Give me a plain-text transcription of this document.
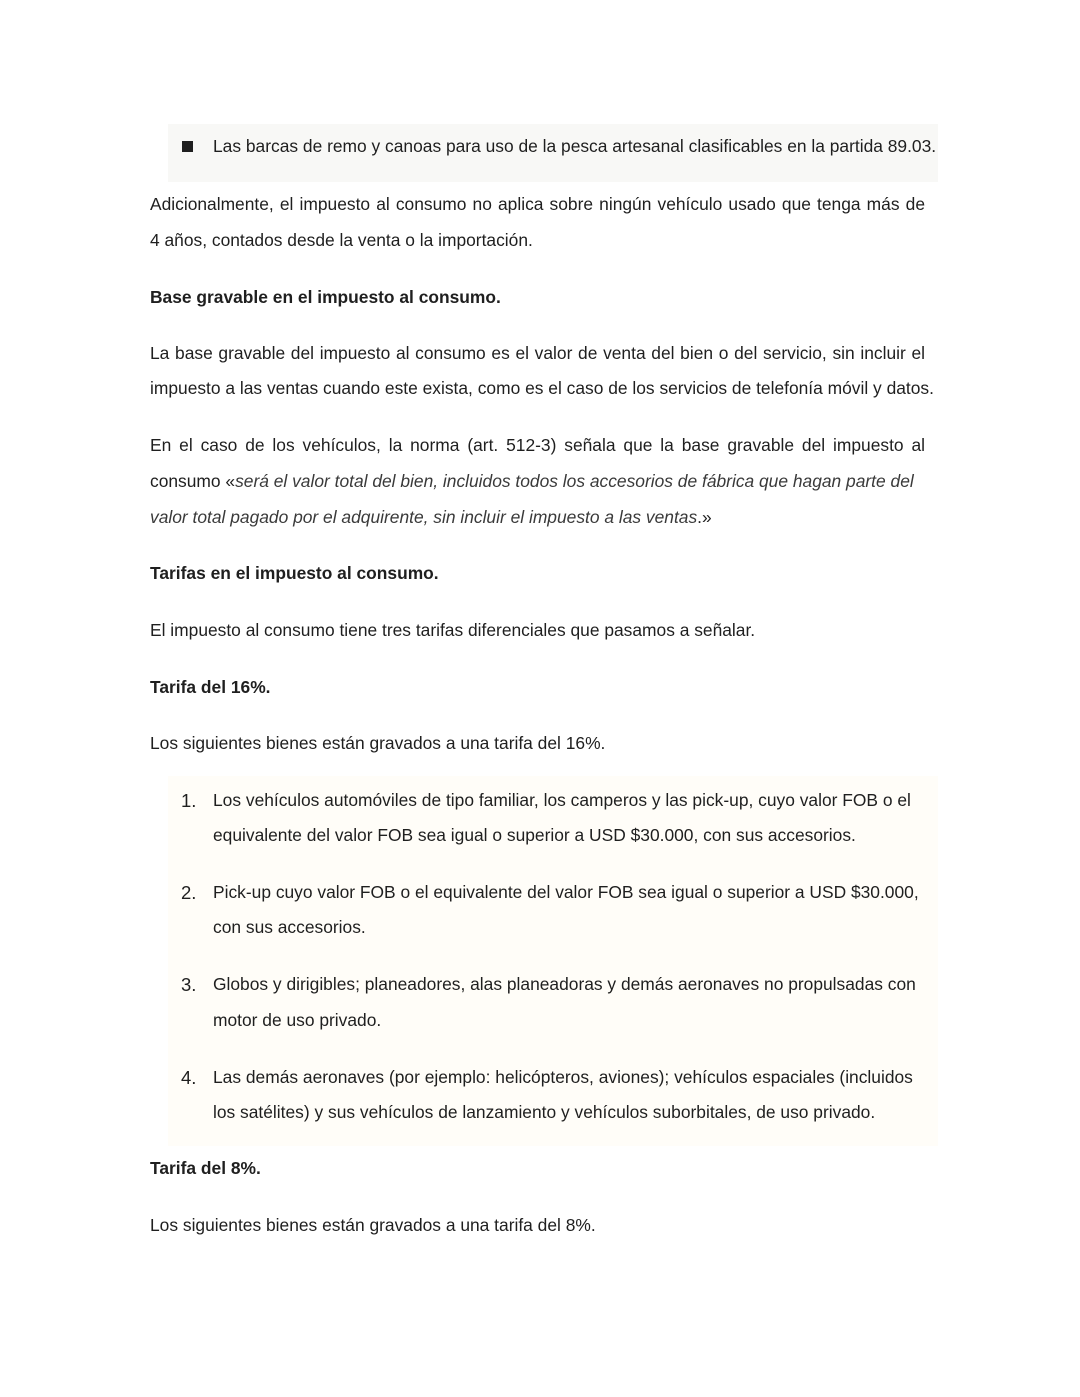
Las barcas de remo y canoas para uso de la pesca artesanal clasificables en la partida 89.03.
Adicionalmente, el impuesto al consumo no aplica sobre ningún vehículo usado que tenga más de
4 años, contados desde la venta o la importación.
Base gravable en el impuesto al consumo.
La base gravable del impuesto al consumo es el valor de venta del bien o del servicio, sin incluir el
impuesto a las ventas cuando este exista, como es el caso de los servicios de telefonía móvil y datos.
En el caso de los vehículos, la norma (art. 512-3) señala que la base gravable del impuesto al
consumo «será el valor total del bien, incluidos todos los accesorios de fábrica que hagan parte del
valor total pagado por el adquirente, sin incluir el impuesto a las ventas.»
Tarifas en el impuesto al consumo.
El impuesto al consumo tiene tres tarifas diferenciales que pasamos a señalar.
Tarifa del 16%.
Los siguientes bienes están gravados a una tarifa del 16%.
1. Los vehículos automóviles de tipo familiar, los camperos y las pick-up, cuyo valor FOB o el
equivalente del valor FOB sea igual o superior a USD $30.000, con sus accesorios.
2. Pick-up cuyo valor FOB o el equivalente del valor FOB sea igual o superior a USD $30.000,
con sus accesorios.
3. Globos y dirigibles; planeadores, alas planeadoras y demás aeronaves no propulsadas con
motor de uso privado.
4. Las demás aeronaves (por ejemplo: helicópteros, aviones); vehículos espaciales (incluidos
los satélites) y sus vehículos de lanzamiento y vehículos suborbitales, de uso privado.
Tarifa del 8%.
Los siguientes bienes están gravados a una tarifa del 8%.
